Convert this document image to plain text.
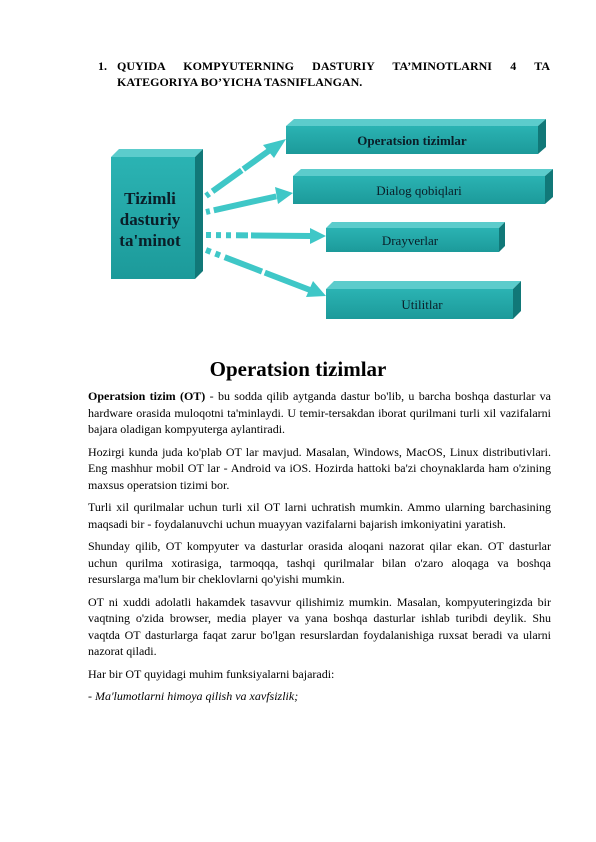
1. QUYIDA KOMPYUTERNING DASTURIY TA’MINOTLARNI 4 TA KATEGORIYA BO’YICHA TASNIFLANGAN.
Tizimli
dasturiy
ta'minot
Operatsion tizimlar
Dialog qobiqlari
Drayverlar
Utilitlar
Operatsion tizimlar

Operatsion tizim (OT) - bu sodda qilib aytganda dastur bo'lib, u barcha boshqa dasturlar va hardware orasida muloqotni ta'minlaydi. U temir-tersakdan iborat qurilmani turli xil vazifalarni bajara oladigan kompyuterga aylantiradi.

Hozirgi kunda juda ko'plab OT lar mavjud. Masalan, Windows, MacOS, Linux distributivlari. Eng mashhur mobil OT lar - Android va iOS. Hozirda hattoki ba'zi choynaklarda ham o'zining maxsus operatsion tizimi bor.

Turli xil qurilmalar uchun turli xil OT larni uchratish mumkin. Ammo ularning barchasining maqsadi bir - foydalanuvchi uchun muayyan vazifalarni bajarish imkoniyatini yaratish.

Shunday qilib, OT kompyuter va dasturlar orasida aloqani nazorat qilar ekan. OT dasturlar uchun qurilma xotirasiga, tarmoqqa, tashqi qurilmalar bilan o'zaro aloqaga va boshqa resurslarga ma'lum bir cheklovlarni qo'yishi mumkin.

OT ni xuddi adolatli hakamdek tasavvur qilishimiz mumkin. Masalan, kompyuteringizda bir vaqtning o'zida browser, media player va yana boshqa dasturlar ishlab turibdi deylik. Shu vaqtda OT dasturlarga faqat zarur bo'lgan resurslardan foydalanishiga ruxsat beradi va ularni nazorat qiladi.

Har bir OT quyidagi muhim funksiyalarni bajaradi:

- Ma'lumotlarni himoya qilish va xavfsizlik;
